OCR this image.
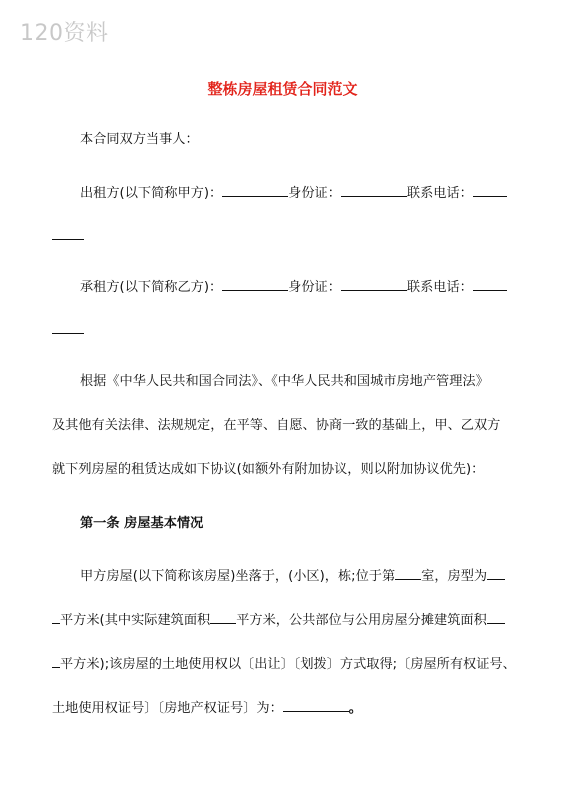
120资料
整栋房屋租赁合同范文
本合同双方当事人：
出租方(以下简称甲方)：	身份证：	联系电话：
承租方(以下简称乙方)：	身份证：	联系电话：
根据《中华人民共和国合同法》、《中华人民共和国城市房地产管理法》
及其他有关法律、法规规定，在平等、自愿、协商一致的基础上，甲、乙双方
就下列房屋的租赁达成如下协议(如额外有附加协议，则以附加协议优先)：
第一条 房屋基本情况
甲方房屋(以下简称该房屋)坐落于，(小区)，栋;位于第 室，房型为
平方米(其中实际建筑面积 平方米，公共部位与公用房屋分摊建筑面积
平方米);该房屋的土地使用权以〔出让〕〔划拨〕方式取得;〔房屋所有权证号、
土地使用权证号〕〔房地产权证号〕为：	。
